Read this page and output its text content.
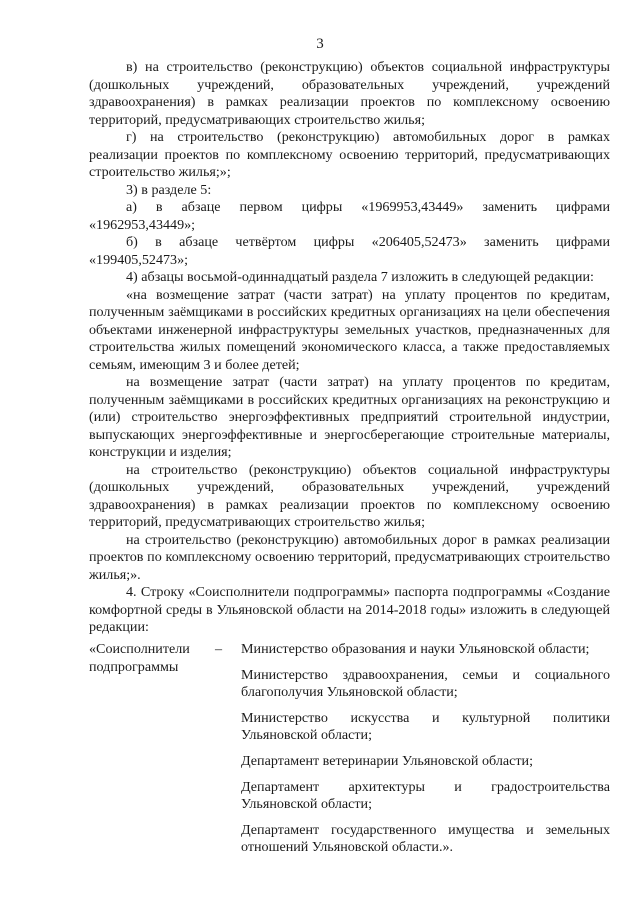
3

в) на строительство (реконструкцию) объектов социальной инфраструктуры (дошкольных учреждений, образовательных учреждений, учреждений здравоохранения) в рамках реализации проектов по комплексному освоению территорий, предусматривающих строительство жилья;

г) на строительство (реконструкцию) автомобильных дорог в рамках реализации проектов по комплексному освоению территорий, предусматривающих строительство жилья;»;

3) в разделе 5:

а) в абзаце первом цифры «1969953,43449» заменить цифрами «1962953,43449»;

б) в абзаце четвёртом цифры «206405,52473» заменить цифрами «199405,52473»;

4) абзацы восьмой-одиннадцатый раздела 7 изложить в следующей редакции:

«на возмещение затрат (части затрат) на уплату процентов по кредитам, полученным заёмщиками в российских кредитных организациях на цели обеспечения объектами инженерной инфраструктуры земельных участков, предназначенных для строительства жилых помещений экономического класса, а также предоставляемых семьям, имеющим 3 и более детей;

на возмещение затрат (части затрат) на уплату процентов по кредитам, полученным заёмщиками в российских кредитных организациях на реконструкцию и (или) строительство энергоэффективных предприятий строительной индустрии, выпускающих энергоэффективные и энергосберегающие строительные материалы, конструкции и изделия;

на строительство (реконструкцию) объектов социальной инфраструктуры (дошкольных учреждений, образовательных учреждений, учреждений здравоохранения) в рамках реализации проектов по комплексному освоению территорий, предусматривающих строительство жилья;

на строительство (реконструкцию) автомобильных дорог в рамках реализации проектов по комплексному освоению территорий, предусматривающих строительство жилья;».

4. Строку «Соисполнители подпрограммы» паспорта подпрограммы «Создание комфортной среды в Ульяновской области на 2014-2018 годы» изложить в следующей редакции:

«Соисполнители подпрограммы
– Министерство образования и науки Ульяновской области;

Министерство здравоохранения, семьи и социального благополучия Ульяновской области;

Министерство искусства и культурной политики Ульяновской области;

Департамент ветеринарии Ульяновской области;

Департамент архитектуры и градостроительства Ульяновской области;

Департамент государственного имущества и земельных отношений Ульяновской области.».
